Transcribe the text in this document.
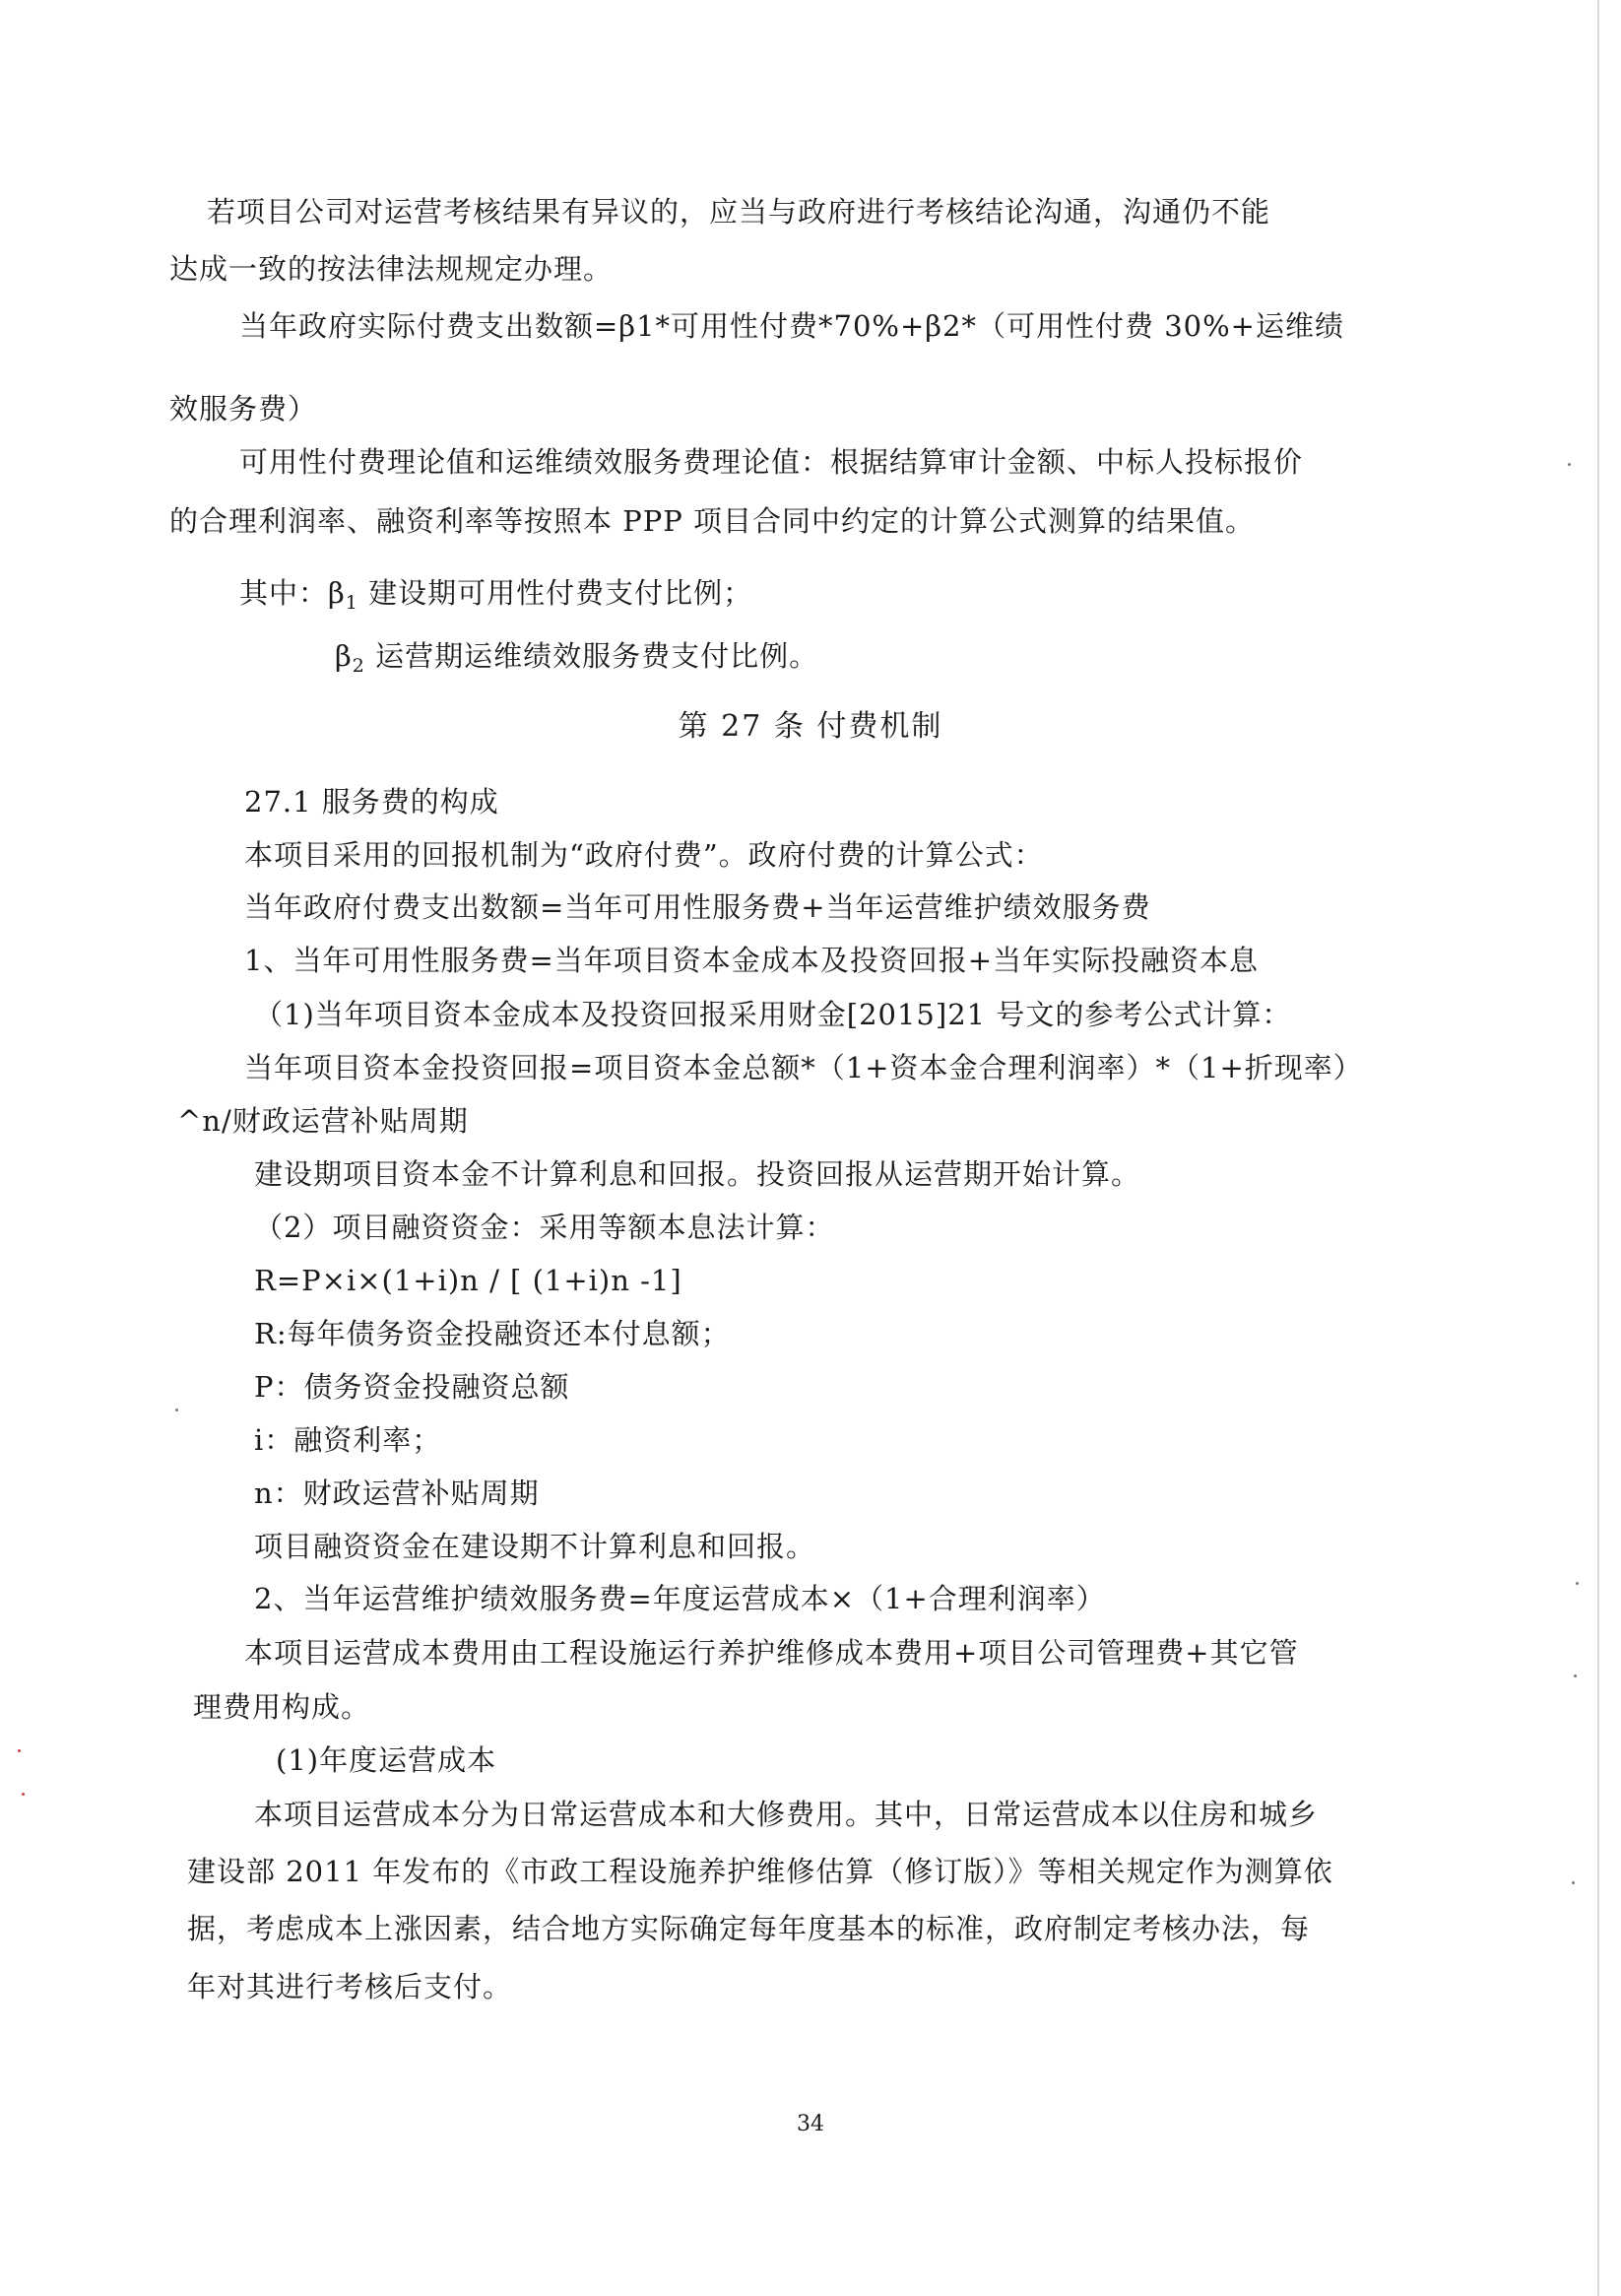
若项目公司对运营考核结果有异议的，应当与政府进行考核结论沟通，沟通仍不能
达成一致的按法律法规规定办理。
当年政府实际付费支出数额=β1*可用性付费*70%+β2*（可用性付费 30%+运维绩
效服务费）
可用性付费理论值和运维绩效服务费理论值：根据结算审计金额、中标人投标报价
的合理利润率、融资利率等按照本 PPP 项目合同中约定的计算公式测算的结果值。
其中：$\beta_1$ 建设期可用性付费支付比例；
$\beta_2$ 运营期运维绩效服务费支付比例。
第 27 条 付费机制
27.1 服务费的构成
本项目采用的回报机制为“政府付费”。政府付费的计算公式：
当年政府付费支出数额=当年可用性服务费+当年运营维护绩效服务费
1、当年可用性服务费=当年项目资本金成本及投资回报+当年实际投融资本息
（1)当年项目资本金成本及投资回报采用财金[2015]21 号文的参考公式计算：
当年项目资本金投资回报=项目资本金总额*（1+资本金合理利润率）*（1+折现率）
^n/财政运营补贴周期
建设期项目资本金不计算利息和回报。投资回报从运营期开始计算。
（2）项目融资资金：采用等额本息法计算：
R=P×i×(1+i)n / [ (1+i)n -1]
R:每年债务资金投融资还本付息额；
P：债务资金投融资总额
i：融资利率；
n：财政运营补贴周期
项目融资资金在建设期不计算利息和回报。
2、当年运营维护绩效服务费=年度运营成本×（1+合理利润率）
本项目运营成本费用由工程设施运行养护维修成本费用+项目公司管理费+其它管
理费用构成。
(1)年度运营成本
本项目运营成本分为日常运营成本和大修费用。其中，日常运营成本以住房和城乡
建设部 2011 年发布的《市政工程设施养护维修估算（修订版）》等相关规定作为测算依
据，考虑成本上涨因素，结合地方实际确定每年度基本的标准，政府制定考核办法，每
年对其进行考核后支付。
34
